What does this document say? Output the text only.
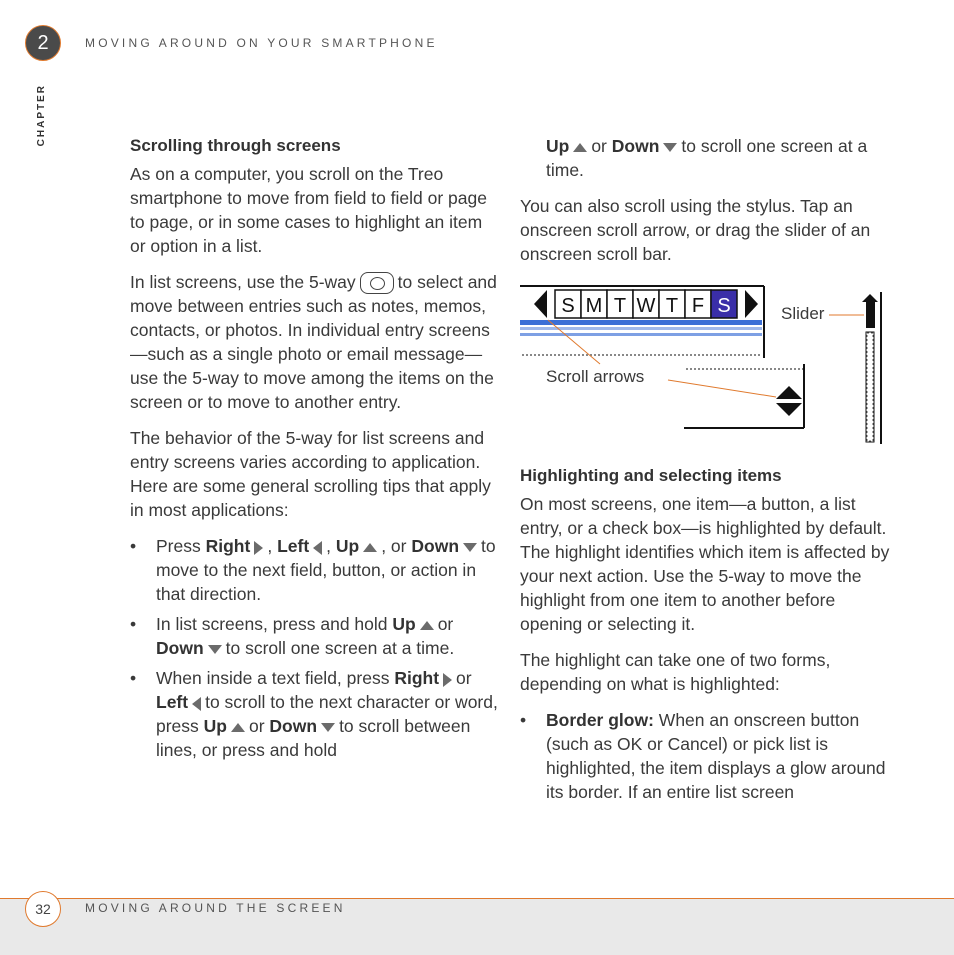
2	MOVING AROUND ON YOUR SMARTPHONE
CHAPTER	Scrolling through screens

As on a computer, you scroll on the Treo smartphone to move from field to field or page to page, or in some cases to highlight an item or option in a list.

In list screens, use the 5-way to select and move between entries such as notes, memos, contacts, or photos. In individual entry screens—such as a single photo or email message—use the 5-way to move among the items on the screen or to move to another entry.

The behavior of the 5-way for list screens and entry screens varies according to application. Here are some general scrolling tips that apply in most applications:

• Press Right , Left , Up , or Down to move to the next field, button, or action in that direction.
• In list screens, press and hold Up or Down to scroll one screen at a time.
• When inside a text field, press Right or Left to scroll to the next character or word, press Up or Down to scroll between lines, or press and hold

Up or Down to scroll one screen at a time.

You can also scroll using the stylus. Tap an onscreen scroll arrow, or drag the slider of an onscreen scroll bar.

S M T W T F S	Slider
Scroll arrows
Highlighting and selecting items

On most screens, one item—a button, a list entry, or a check box—is highlighted by default. The highlight identifies which item is affected by your next action. Use the 5-way to move the highlight from one item to another before opening or selecting it.

The highlight can take one of two forms, depending on what is highlighted:

• Border glow: When an onscreen button (such as OK or Cancel) or pick list is highlighted, the item displays a glow around its border. If an entire list screen
32	MOVING AROUND THE SCREEN
